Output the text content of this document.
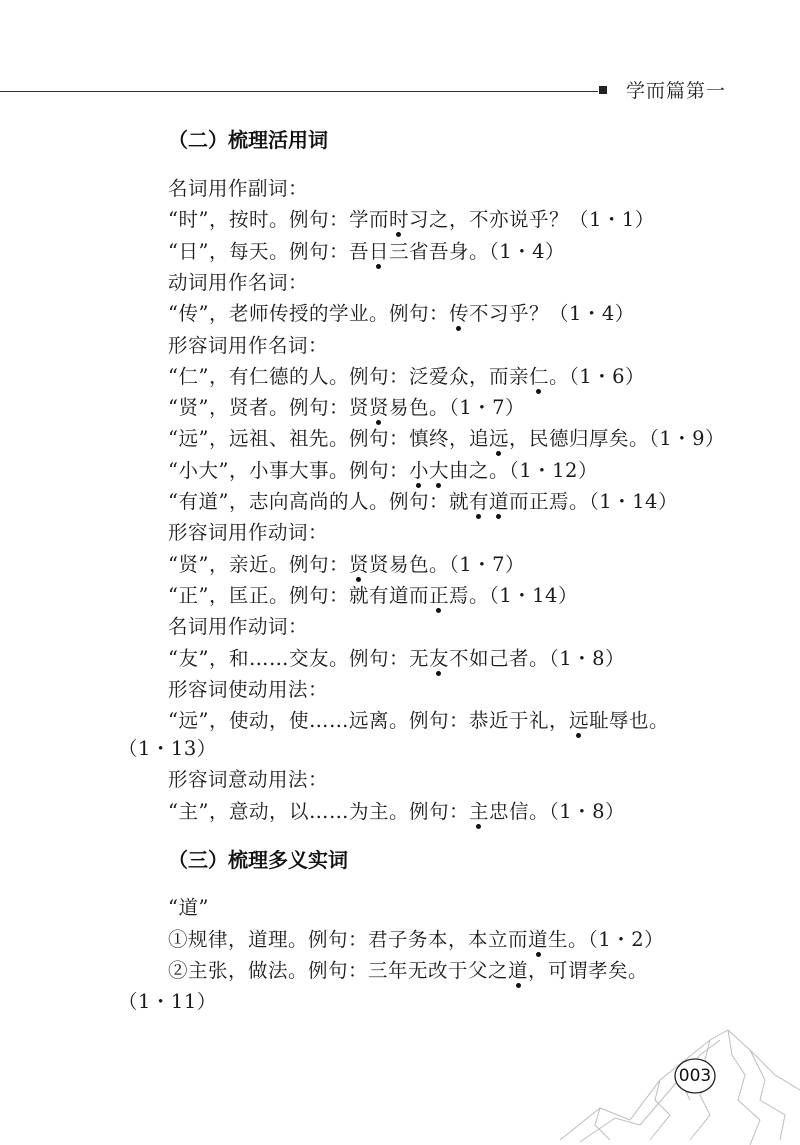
学而篇第一
（二）梳理活用词
名词用作副词：
“时”，按时。例句：学而时习之，不亦说乎？（1・1）
“日”，每天。例句：吾日三省吾身。（1・4）
动词用作名词：
“传”，老师传授的学业。例句：传不习乎？（1・4）
形容词用作名词：
“仁”，有仁德的人。例句：泛爱众，而亲仁。（1・6）
“贤”，贤者。例句：贤贤易色。（1・7）
“远”，远祖、祖先。例句：慎终，追远，民德归厚矣。（1・9）
“小大”，小事大事。例句：小大由之。（1・12）
“有道”，志向高尚的人。例句：就有道而正焉。（1・14）
形容词用作动词：
“贤”，亲近。例句：贤贤易色。（1・7）
“正”，匡正。例句：就有道而正焉。（1・14）
名词用作动词：
“友”，和……交友。例句：无友不如己者。（1・8）
形容词使动用法：
“远”，使动，使……远离。例句：恭近于礼，远耻辱也。
（1・13）
形容词意动用法：
“主”，意动，以……为主。例句：主忠信。（1・8）
（三）梳理多义实词
“道”
①规律，道理。例句：君子务本，本立而道生。（1・2）
②主张，做法。例句：三年无改于父之道，可谓孝矣。
（1・11）
003
